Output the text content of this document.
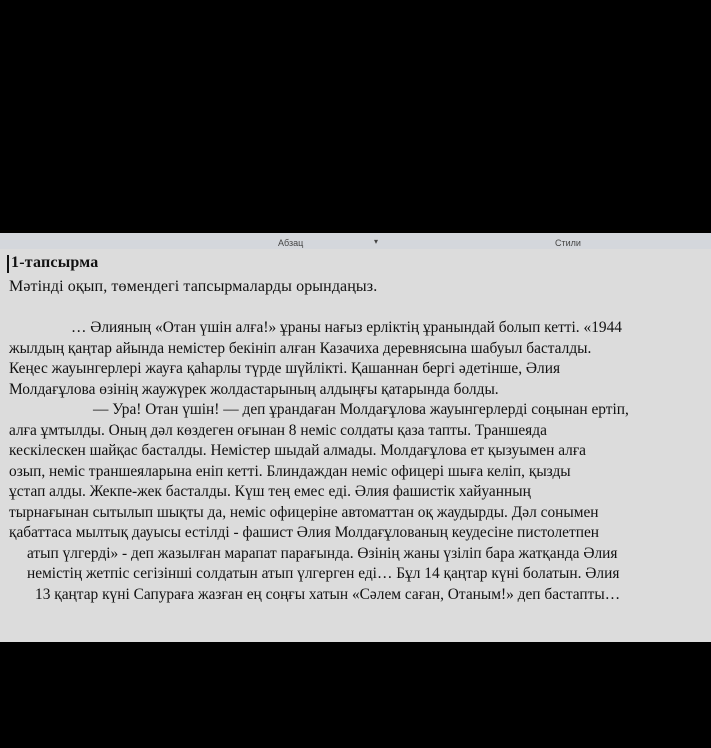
Абзац	▾	Стили
1-тапсырма
Мәтінді оқып, төмендегі тапсырмаларды орындаңыз.
… Әлияның «Отан үшін алға!» ұраны нағыз ерліктің ұранындай болып кетті. «1944
жылдың қаңтар айында немістер бекініп алған Казачиха деревнясына шабуыл басталды.
Кеңес жауынгерлері жауға қаһарлы түрде шүйлікті. Қашаннан бергі әдетінше, Әлия
Молдағұлова өзінің жаужүрек жолдастарының алдыңғы қатарында болды.
— Ура! Отан үшін! — деп ұрандаған Молдағұлова жауынгерлерді соңынан ертіп,
алға ұмтылды. Оның дәл көздеген оғынан 8 неміс солдаты қаза тапты. Траншеяда
кескілескен шайқас басталды. Немістер шыдай алмады. Молдағұлова ет қызуымен алға
озып, неміс траншеяларына еніп кетті. Блиндаждан неміс офицері шыға келіп, қызды
ұстап алды. Жекпе-жек басталды. Күш тең емес еді. Әлия фашистік хайуанның
тырнағынан сытылып шықты да, неміс офицеріне автоматтан оқ жаудырды. Дәл сонымен
қабаттаса мылтық дауысы естілді - фашист Әлия Молдағұлованың кеудесіне пистолетпен
атып үлгерді» - деп жазылған марапат парағында. Өзінің жаны үзіліп бара жатқанда Әлия
немістің жетпіс сегізінші солдатын атып үлгерген еді… Бұл 14 қаңтар күні болатын. Әлия
13 қаңтар күні Сапураға жазған ең соңғы хатын «Сәлем саған, Отаным!» деп бастапты…
